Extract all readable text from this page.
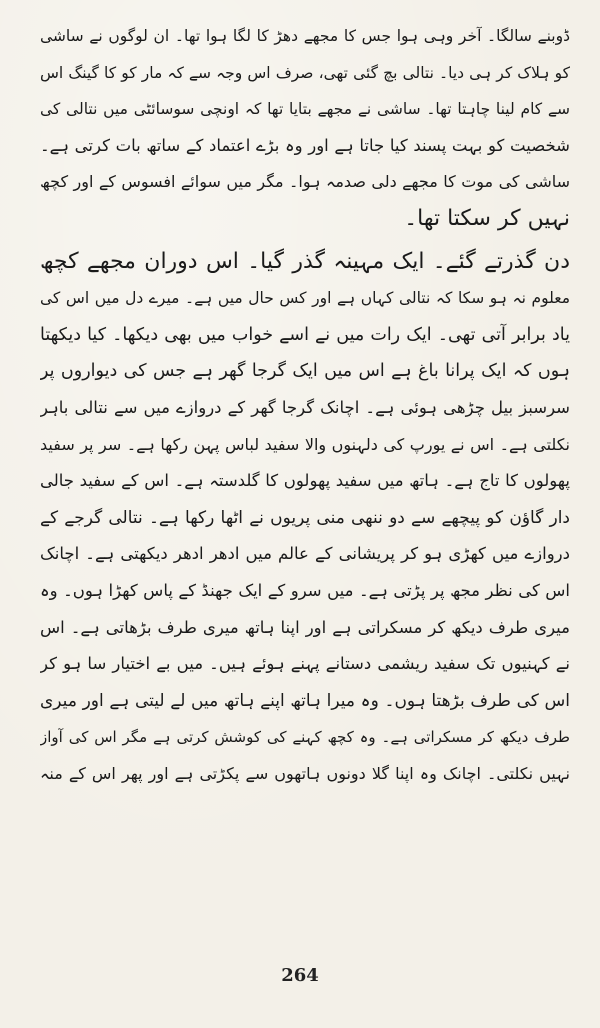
ڈوبنے سالگا۔ آخر وہی ہوا جس کا مجھے دھڑ کا لگا ہوا تھا۔ ان لوگوں نے ساشی
کو ہلاک کر ہی دیا۔ نتالی بچ گئی تھی، صرف اس وجہ سے کہ مار کو کا گینگ اس
سے کام لینا چاہتا تھا۔ ساشی نے مجھے بتایا تھا کہ اونچی سوسائٹی میں نتالی کی
شخصیت کو بہت پسند کیا جاتا ہے اور وہ بڑے اعتماد کے ساتھ بات کرتی ہے۔
ساشی کی موت کا مجھے دلی صدمہ ہوا۔ مگر میں سوائے افسوس کے اور کچھ
نہیں کر سکتا تھا۔
دن گذرتے گئے۔ ایک مہینہ گذر گیا۔ اس دوران مجھے کچھ
معلوم نہ ہو سکا کہ نتالی کہاں ہے اور کس حال میں ہے۔ میرے دل میں اس کی
یاد برابر آتی تھی۔ ایک رات میں نے اسے خواب میں بھی دیکھا۔ کیا دیکھتا
ہوں کہ ایک پرانا باغ ہے اس میں ایک گرجا گھر ہے جس کی دیواروں پر
سرسبز بیل چڑھی ہوئی ہے۔ اچانک گرجا گھر کے دروازے میں سے نتالی باہر
نکلتی ہے۔ اس نے یورپ کی دلہنوں والا سفید لباس پہن رکھا ہے۔ سر پر سفید
پھولوں کا تاج ہے۔ ہاتھ میں سفید پھولوں کا گلدستہ ہے۔ اس کے سفید جالی
دار گاؤن کو پیچھے سے دو ننھی منی پریوں نے اٹھا رکھا ہے۔ نتالی گرجے کے
دروازے میں کھڑی ہو کر پریشانی کے عالم میں ادھر ادھر دیکھتی ہے۔ اچانک
اس کی نظر مجھ پر پڑتی ہے۔ میں سرو کے ایک جھنڈ کے پاس کھڑا ہوں۔ وہ
میری طرف دیکھ کر مسکراتی ہے اور اپنا ہاتھ میری طرف بڑھاتی ہے۔ اس
نے کہنیوں تک سفید ریشمی دستانے پہنے ہوئے ہیں۔ میں بے اختیار سا ہو کر
اس کی طرف بڑھتا ہوں۔ وہ میرا ہاتھ اپنے ہاتھ میں لے لیتی ہے اور میری
طرف دیکھ کر مسکراتی ہے۔ وہ کچھ کہنے کی کوشش کرتی ہے مگر اس کی آواز
نہیں نکلتی۔ اچانک وہ اپنا گلا دونوں ہاتھوں سے پکڑتی ہے اور پھر اس کے منہ
264
